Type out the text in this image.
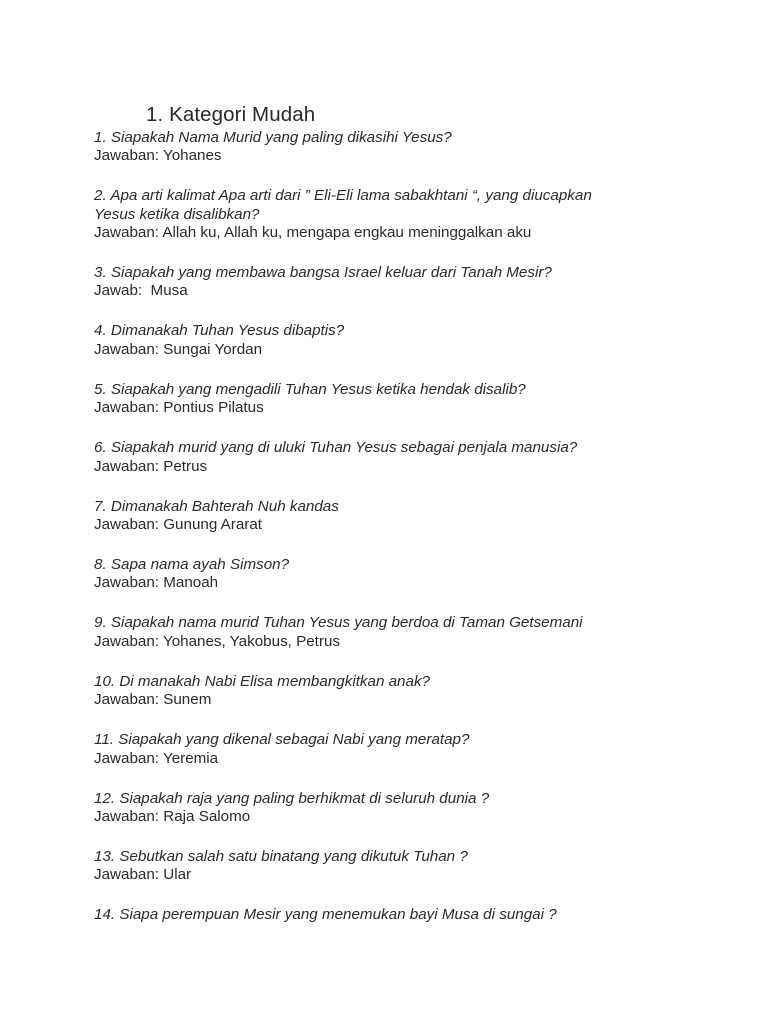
1. Kategori Mudah
1. Siapakah Nama Murid yang paling dikasihi Yesus?
Jawaban: Yohanes
2. Apa arti kalimat Apa arti dari ” Eli-Eli lama sabakhtani “, yang diucapkan
Yesus ketika disalibkan?
Jawaban: Allah ku, Allah ku, mengapa engkau meninggalkan aku
3. Siapakah yang membawa bangsa Israel keluar dari Tanah Mesir?
Jawab:  Musa
4. Dimanakah Tuhan Yesus dibaptis?
Jawaban: Sungai Yordan
5. Siapakah yang mengadili Tuhan Yesus ketika hendak disalib?
Jawaban: Pontius Pilatus
6. Siapakah murid yang di uluki Tuhan Yesus sebagai penjala manusia?
Jawaban: Petrus
7. Dimanakah Bahterah Nuh kandas
Jawaban: Gunung Ararat
8. Sapa nama ayah Simson?
Jawaban: Manoah
9. Siapakah nama murid Tuhan Yesus yang berdoa di Taman Getsemani
Jawaban: Yohanes, Yakobus, Petrus
10. Di manakah Nabi Elisa membangkitkan anak?
Jawaban: Sunem
11. Siapakah yang dikenal sebagai Nabi yang meratap?
Jawaban: Yeremia
12. Siapakah raja yang paling berhikmat di seluruh dunia ?
Jawaban: Raja Salomo
13. Sebutkan salah satu binatang yang dikutuk Tuhan ?
Jawaban: Ular
14. Siapa perempuan Mesir yang menemukan bayi Musa di sungai ?
